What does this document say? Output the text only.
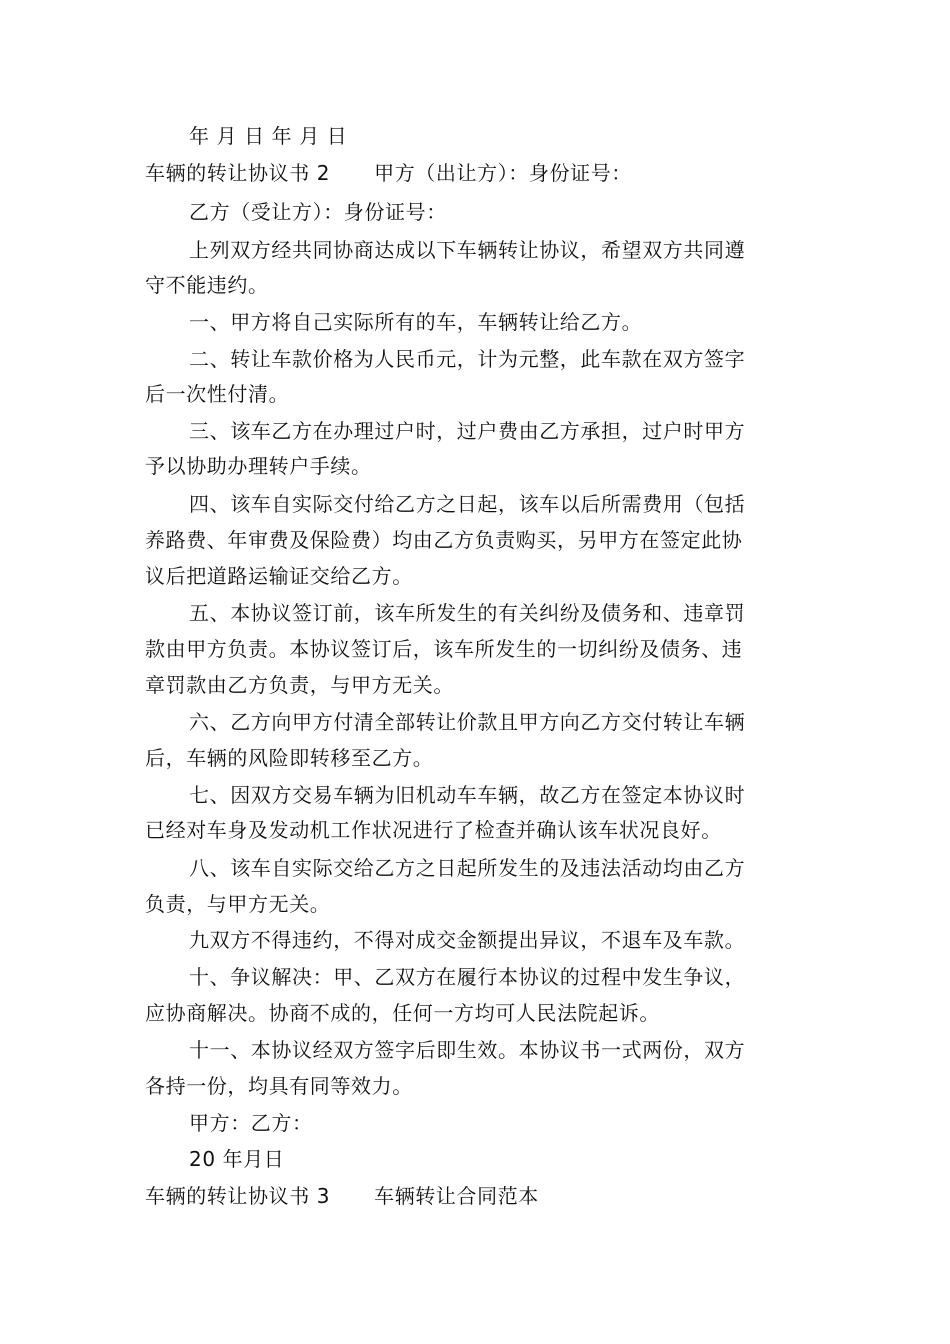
年 月 日 年 月 日
车辆的转让协议书 2 甲方（出让方）：身份证号：
乙方（受让方）：身份证号：
上列双方经共同协商达成以下车辆转让协议，希望双方共同遵
守不能违约。
一、甲方将自己实际所有的车，车辆转让给乙方。
二、转让车款价格为人民币元，计为元整，此车款在双方签字
后一次性付清。
三、该车乙方在办理过户时，过户费由乙方承担，过户时甲方
予以协助办理转户手续。
四、该车自实际交付给乙方之日起，该车以后所需费用（包括
养路费、年审费及保险费）均由乙方负责购买，另甲方在签定此协
议后把道路运输证交给乙方。
五、本协议签订前，该车所发生的有关纠纷及债务和、违章罚
款由甲方负责。本协议签订后，该车所发生的一切纠纷及债务、违
章罚款由乙方负责，与甲方无关。
六、乙方向甲方付清全部转让价款且甲方向乙方交付转让车辆
后，车辆的风险即转移至乙方。
七、因双方交易车辆为旧机动车车辆，故乙方在签定本协议时
已经对车身及发动机工作状况进行了检查并确认该车状况良好。
八、该车自实际交给乙方之日起所发生的及违法活动均由乙方
负责，与甲方无关。
九双方不得违约，不得对成交金额提出异议，不退车及车款。
十、争议解决：甲、乙双方在履行本协议的过程中发生争议，
应协商解决。协商不成的，任何一方均可人民法院起诉。
十一、本协议经双方签字后即生效。本协议书一式两份，双方
各持一份，均具有同等效力。
甲方：乙方：
20 年月日
车辆的转让协议书 3 车辆转让合同范本
